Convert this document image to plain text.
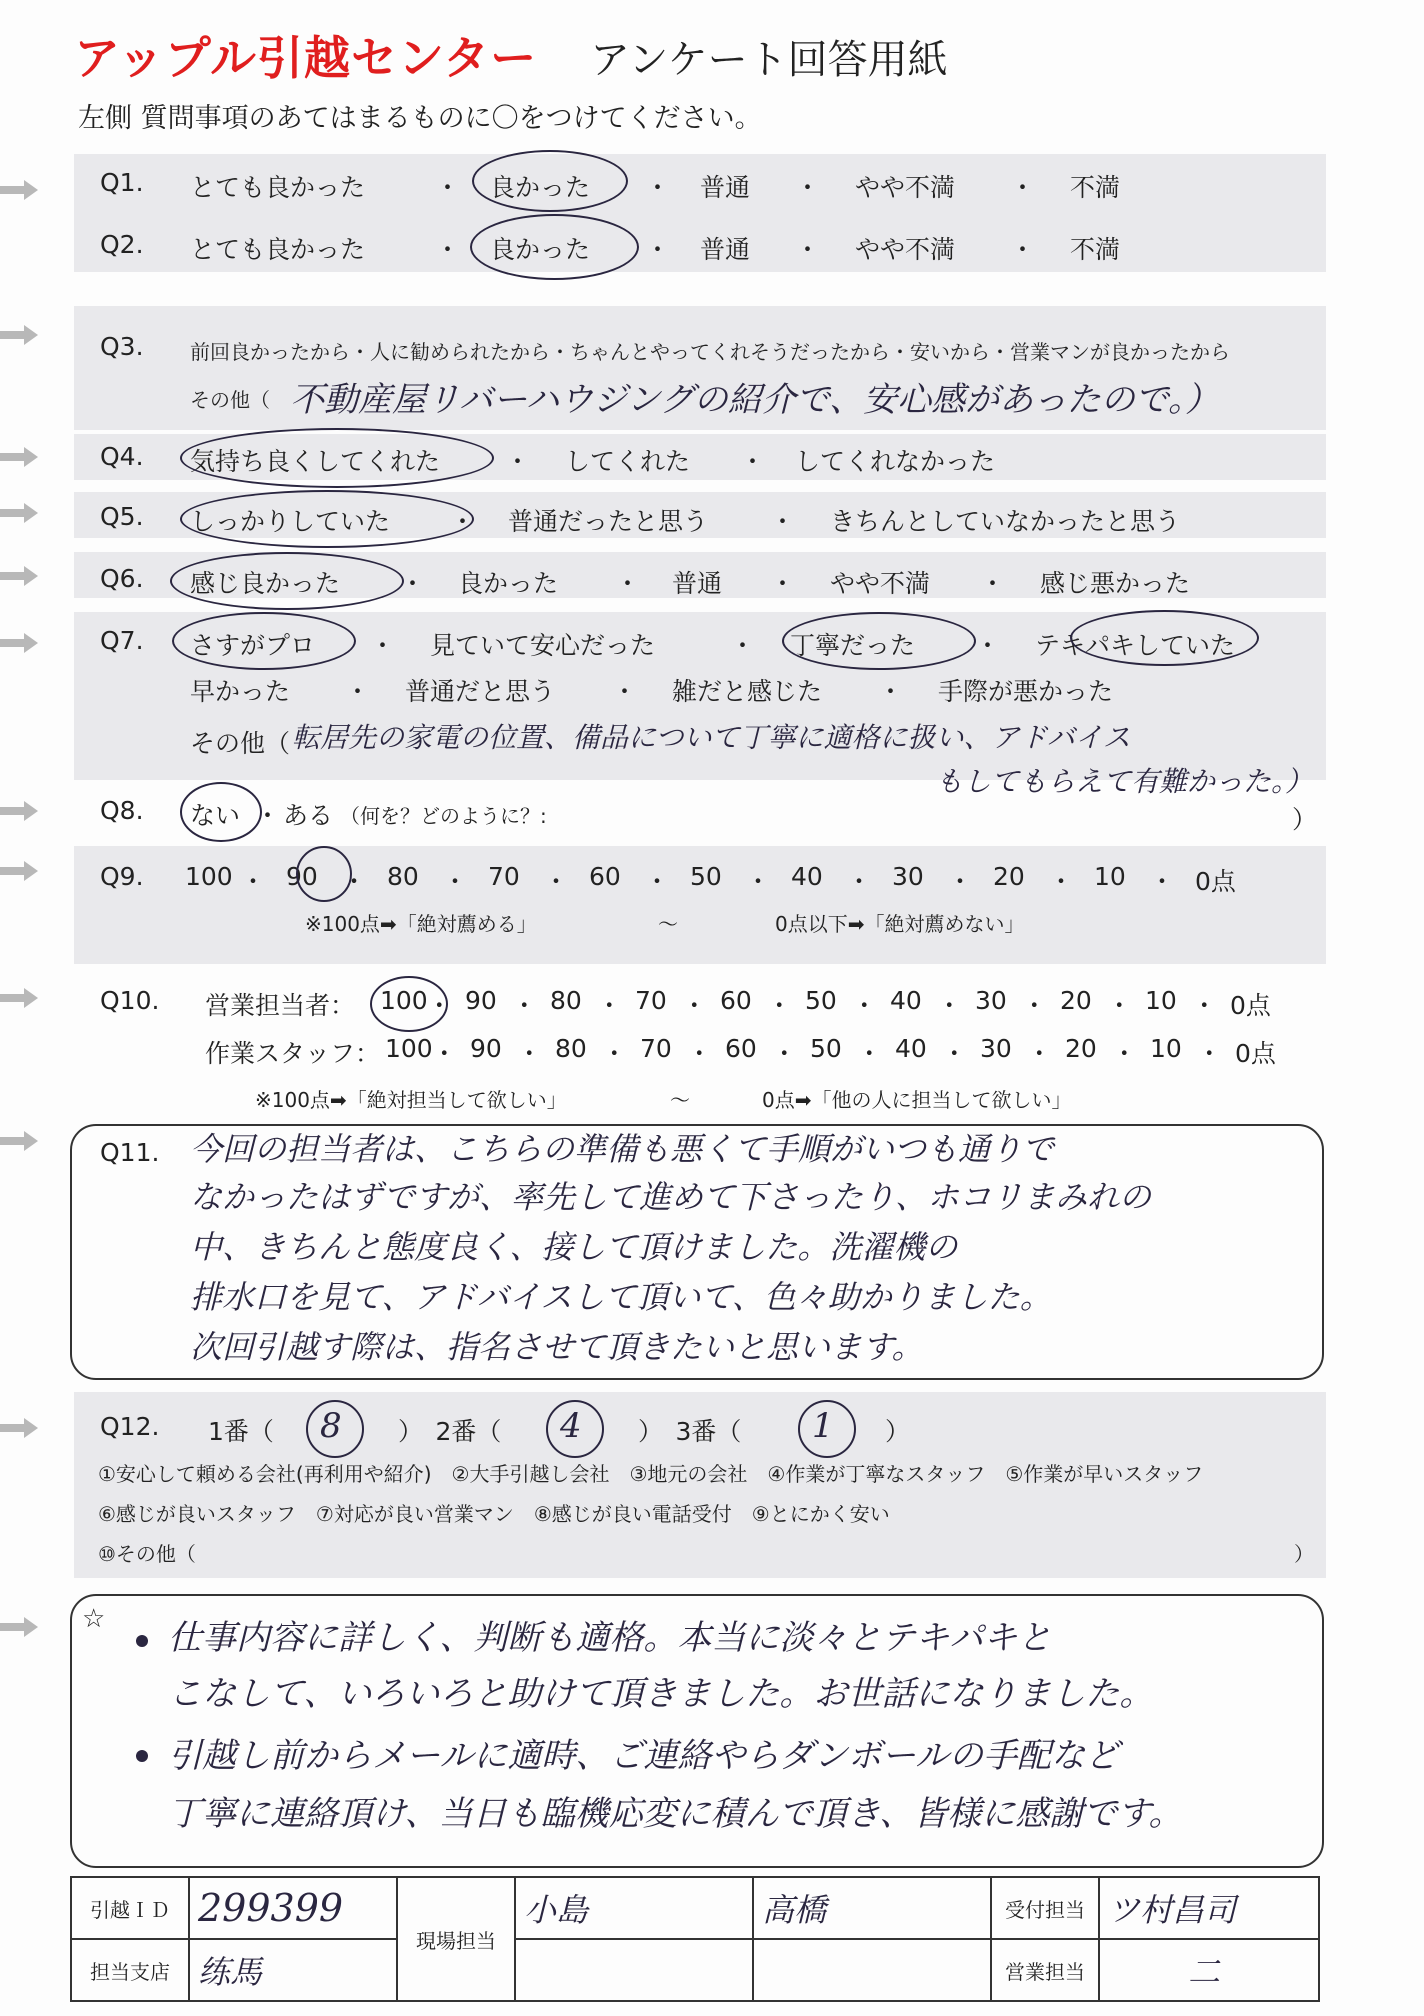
アップル引越センター アンケート回答用紙
左側 質問事項のあてはまるものに〇をつけてください。
Q1. とても良かった	・ 良かった ・ 普通 ・ やや不満 ・ 不満
Q2. とても良かった	・ 良かった ・ 普通 ・ やや不満 ・ 不満
Q3. 前回良かったから・人に勧められたから・ちゃんとやってくれそうだったから・安いから・営業マンが良かったから
その他（ 不動産屋リバーハウジングの紹介で、安心感があったので。）
Q4. 気持ち良くしてくれた	・ してくれた ・ してくれなかった
Q5. しっかりしていた ・ 普通だったと思う ・ きちんとしていなかったと思う
Q6. 感じ良かった ・ 良かった ・ 普通 ・ やや不満 ・ 感じ悪かった
Q7. さすがプロ ・ 見ていて安心だった	・ 丁寧だった ・ テキパキしていた
早かった ・ 普通だと思う ・ 雑だと感じた ・ 手際が悪かった
その他（ 転居先の家電の位置、備品について丁寧に適格に扱い、アドバイス
もしてもらえて有難かった。）
Q8. ない ・ ある （何を？どのように？:	）
Q9. 100 ・ 90 ・ 80 ・ 70 ・ 60 ・ 50 ・ 40 ・ 30 ・ 20 ・ 10 ・ 0点
※100点➡「絶対薦める」	〜	0点以下➡「絶対薦めない」
Q10. 営業担当者： 100 ・ 90 ・ 80 ・ 70 ・ 60 ・ 50 ・ 40 ・ 30 ・ 20 ・ 10 ・ 0点
作業スタッフ： 100 ・ 90 ・ 80 ・ 70 ・ 60 ・ 50 ・ 40 ・ 30 ・ 20 ・ 10 ・ 0点
※100点➡「絶対担当して欲しい」	〜	0点➡「他の人に担当して欲しい」
Q11. 今回の担当者は、こちらの準備も悪くて手順がいつも通りで
なかったはずですが、率先して進めて下さったり、ホコリまみれの
中、きちんと態度良く、接して頂けました。洗濯機の
排水口を見て、アドバイスして頂いて、色々助かりました。
次回引越す際は、指名させて頂きたいと思います。
Q12. 1番（ 8 ）　2番（ 4 ）　3番（ 1 ）
①安心して頼める会社(再利用や紹介)　②大手引越し会社　③地元の会社　④作業が丁寧なスタッフ　⑤作業が早いスタッフ
⑥感じが良いスタッフ　⑦対応が良い営業マン　⑧感じが良い電話受付　⑨とにかく安い
⑩その他（	）
☆ 仕事内容に詳しく、判断も適格。本当に淡々とテキパキと
こなして、いろいろと助けて頂きました。お世話になりました。
引越し前からメールに適時、ご連絡やらダンボールの手配など
丁寧に連絡頂け、当日も臨機応変に積んで頂き、皆様に感謝です。
引越ＩＤ	299399	現場担当	小島	高橋	受付担当	ツ村昌司
担当支店	练馬				営業担当	二
